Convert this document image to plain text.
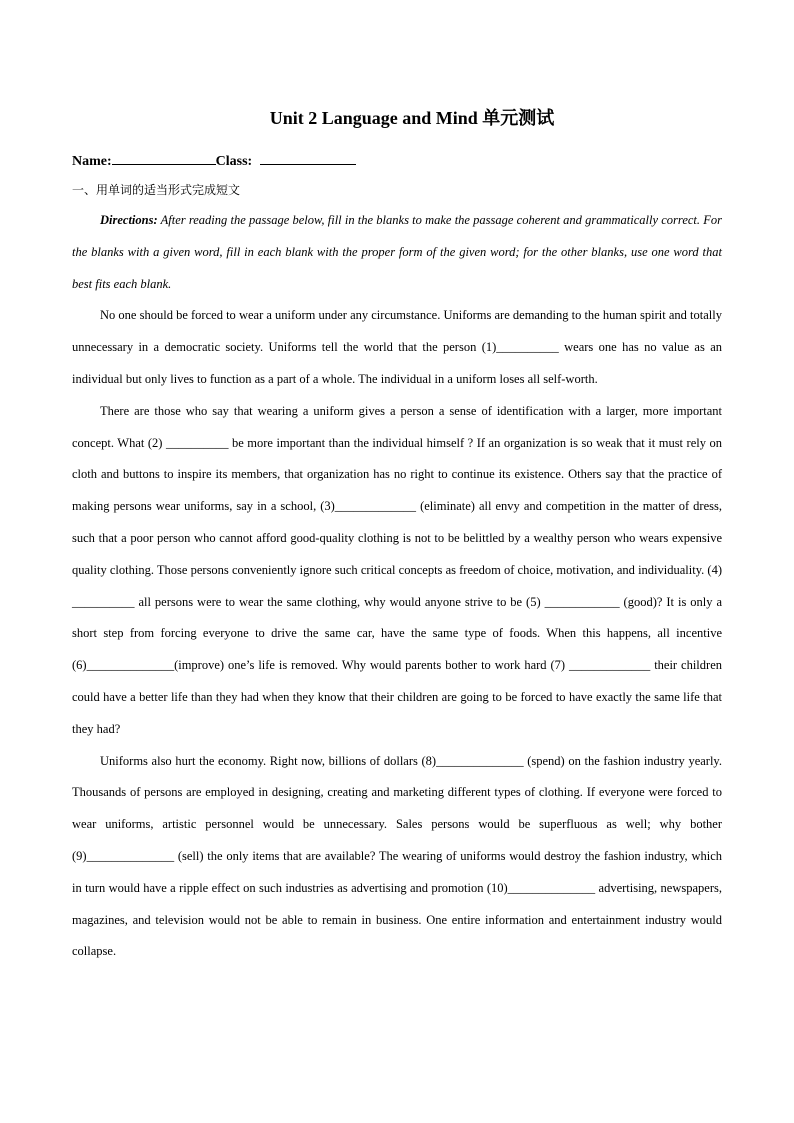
Unit 2 Language and Mind 单元测试
Name:	Class:
一、用单词的适当形式完成短文

Directions: After reading the passage below, fill in the blanks to make the passage coherent and grammatically correct. For the blanks with a given word, fill in each blank with the proper form of the given word; for the other blanks, use one word that best fits each blank.

No one should be forced to wear a uniform under any circumstance. Uniforms are demanding to the human spirit and totally unnecessary in a democratic society. Uniforms tell the world that the person (1)__________ wears one has no value as an individual but only lives to function as a part of a whole. The individual in a uniform loses all self-worth.

There are those who say that wearing a uniform gives a person a sense of identification with a larger, more important concept. What (2) __________ be more important than the individual himself ? If an organization is so weak that it must rely on cloth and buttons to inspire its members, that organization has no right to continue its existence. Others say that the practice of making persons wear uniforms, say in a school, (3)_____________ (eliminate) all envy and competition in the matter of dress, such that a poor person who cannot afford good-quality clothing is not to be belittled by a wealthy person who wears expensive quality clothing. Those persons conveniently ignore such critical concepts as freedom of choice, motivation, and individuality. (4) __________ all persons were to wear the same clothing, why would anyone strive to be (5) ____________ (good)? It is only a short step from forcing everyone to drive the same car, have the same type of foods. When this happens, all incentive (6)______________(improve) one’s life is removed. Why would parents bother to work hard (7) _____________ their children could have a better life than they had when they know that their children are going to be forced to have exactly the same life that they had?

Uniforms also hurt the economy. Right now, billions of dollars (8)______________ (spend) on the fashion industry yearly. Thousands of persons are employed in designing, creating and marketing different types of clothing. If everyone were forced to wear uniforms, artistic personnel would be unnecessary. Sales persons would be superfluous as well; why bother (9)______________ (sell) the only items that are available? The wearing of uniforms would destroy the fashion industry, which in turn would have a ripple effect on such industries as advertising and promotion (10)______________ advertising, newspapers, magazines, and television would not be able to remain in business. One entire information and entertainment industry would collapse.
